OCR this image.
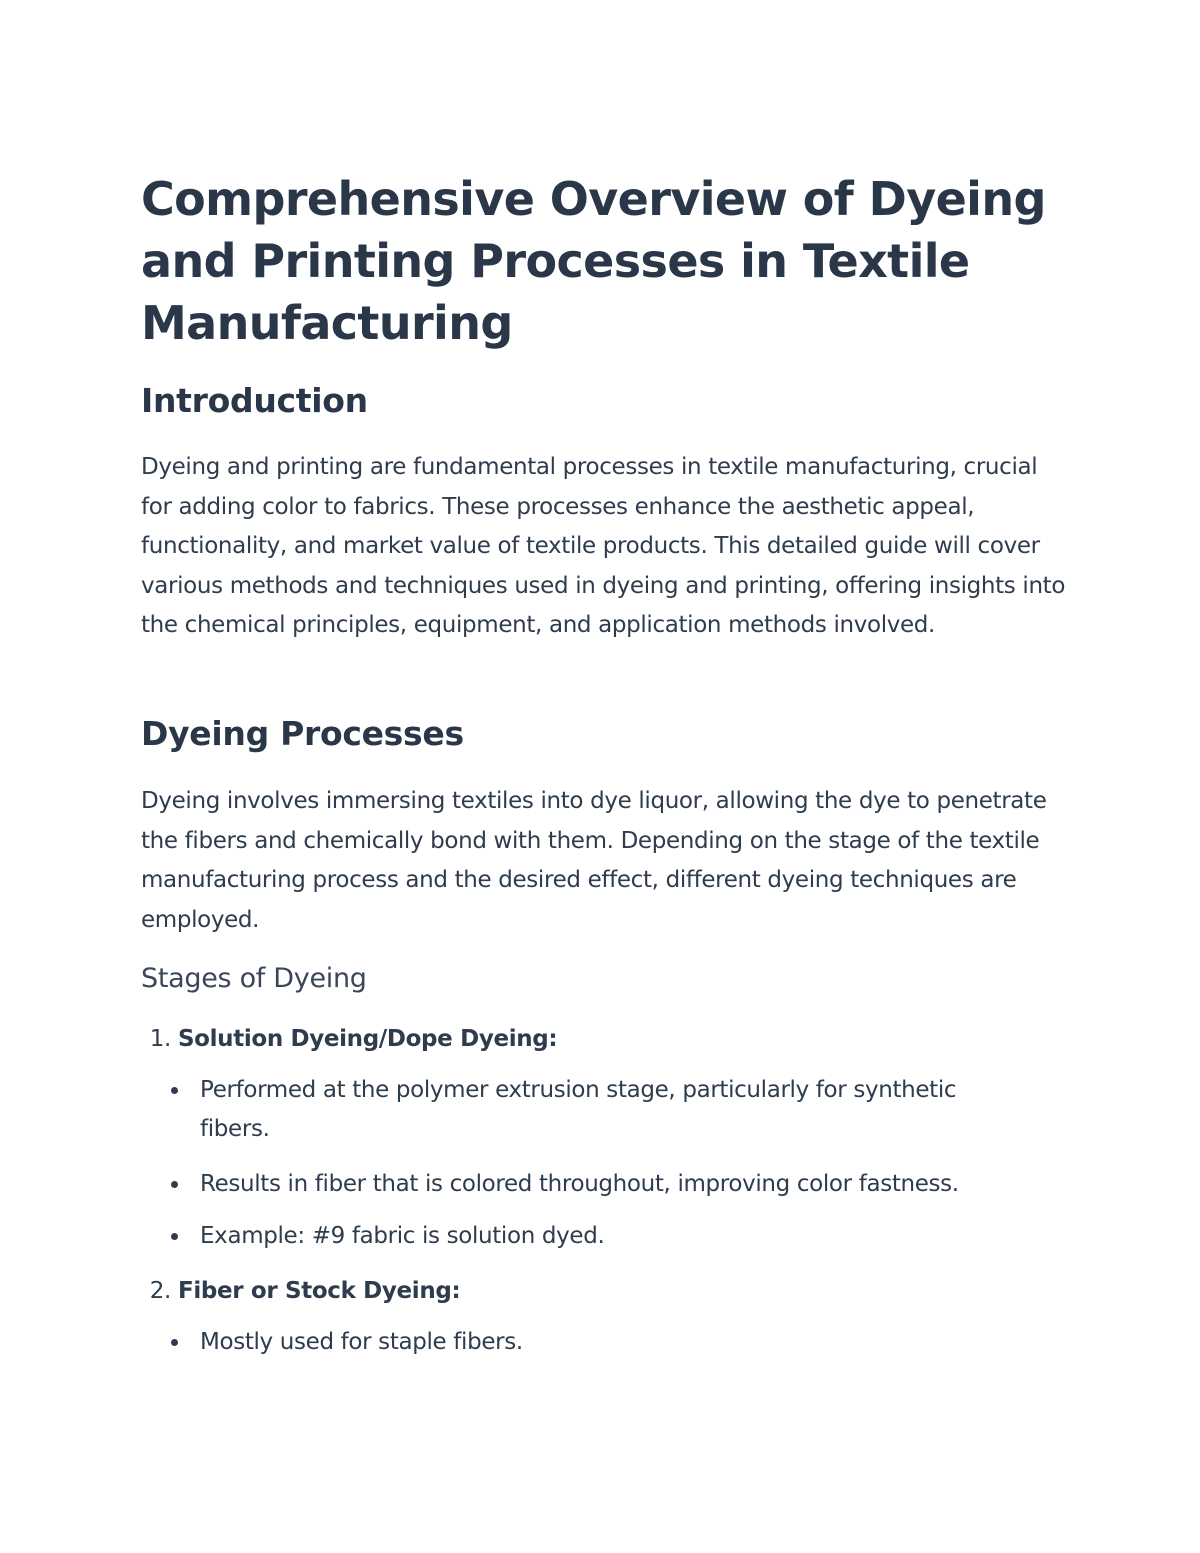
Comprehensive Overview of Dyeing and Printing Processes in Textile Manufacturing
Introduction

Dyeing and printing are fundamental processes in textile manufacturing, crucial for adding color to fabrics. These processes enhance the aesthetic appeal, functionality, and market value of textile products. This detailed guide will cover various methods and techniques used in dyeing and printing, offering insights into the chemical principles, equipment, and application methods involved.

Dyeing Processes

Dyeing involves immersing textiles into dye liquor, allowing the dye to penetrate the fibers and chemically bond with them. Depending on the stage of the textile manufacturing process and the desired effect, different dyeing techniques are employed.

Stages of Dyeing
1. Solution Dyeing/Dope Dyeing:
Performed at the polymer extrusion stage, particularly for synthetic fibers.
Results in fiber that is colored throughout, improving color fastness.
Example: #9 fabric is solution dyed.
2. Fiber or Stock Dyeing:
Mostly used for staple fibers.
